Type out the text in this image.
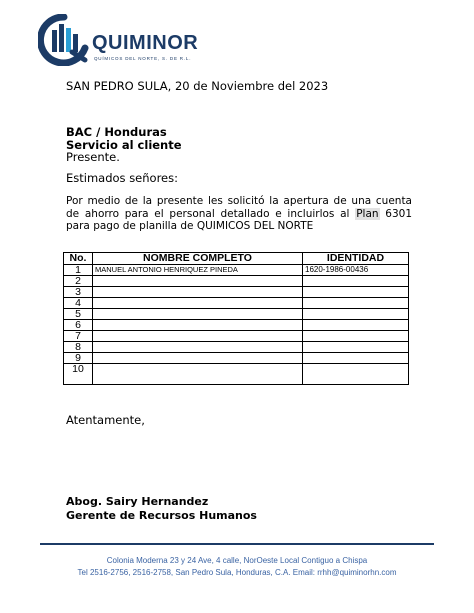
QUIMINOR
QUÍMICOS DEL NORTE, S. DE R.L.
SAN PEDRO SULA, 20 de Noviembre del 2023
BAC / Honduras
Servicio al cliente
Presente.
Estimados señores:
Por medio de la presente les solicitó la apertura de una cuenta de ahorro para el personal detallado e incluirlos al Plan 6301 para pago de planilla de QUIMICOS DEL NORTE
No.	NOMBRE COMPLETO	IDENTIDAD
1	MANUEL ANTONIO HENRIQUEZ PINEDA	1620-1986-00436
2		
3		
4		
5		
6		
7		
8		
9		
10		
Atentamente,
Abog. Sairy Hernandez
Gerente de Recursos Humanos
Colonia Moderna 23 y 24 Ave, 4 calle, NorOeste Local Contiguo a Chispa
Tel 2516-2756, 2516-2758, San Pedro Sula, Honduras, C.A. Email: rrhh@quiminorhn.com
